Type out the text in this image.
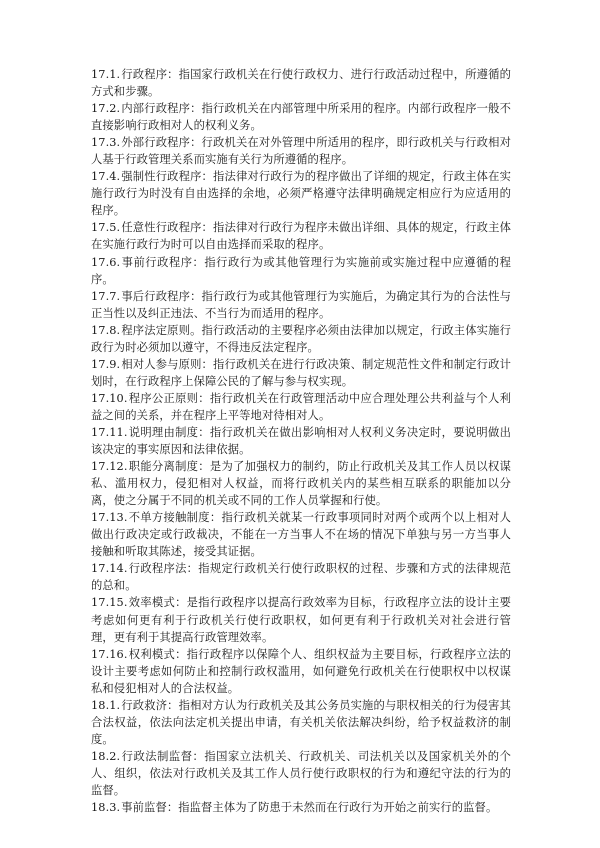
17.1.行政程序：指国家行政机关在行使行政权力、进行行政活动过程中，所遵循的方式和步骤。

17.2.内部行政程序：指行政机关在内部管理中所采用的程序。内部行政程序一般不直接影响行政相对人的权利义务。

17.3.外部行政程序：行政机关在对外管理中所适用的程序，即行政机关与行政相对人基于行政管理关系而实施有关行为所遵循的程序。

17.4.强制性行政程序：指法律对行政行为的程序做出了详细的规定，行政主体在实施行政行为时没有自由选择的余地，必须严格遵守法律明确规定相应行为应适用的程序。

17.5.任意性行政程序：指法律对行政行为程序未做出详细、具体的规定，行政主体在实施行政行为时可以自由选择而采取的程序。

17.6.事前行政程序：指行政行为或其他管理行为实施前或实施过程中应遵循的程序。

17.7.事后行政程序：指行政行为或其他管理行为实施后，为确定其行为的合法性与正当性以及纠正违法、不当行为而适用的程序。

17.8.程序法定原则。指行政活动的主要程序必须由法律加以规定，行政主体实施行政行为时必须加以遵守，不得违反法定程序。

17.9.相对人参与原则：指行政机关在进行行政决策、制定规范性文件和制定行政计划时，在行政程序上保障公民的了解与参与权实现。

17.10.程序公正原则：指行政机关在行政管理活动中应合理处理公共利益与个人利益之间的关系，并在程序上平等地对待相对人。

17.11.说明理由制度：指行政机关在做出影响相对人权利义务决定时，要说明做出该决定的事实原因和法律依据。

17.12.职能分离制度：是为了加强权力的制约，防止行政机关及其工作人员以权谋私、滥用权力，侵犯相对人权益，而将行政机关内的某些相互联系的职能加以分离，使之分属于不同的机关或不同的工作人员掌握和行使。

17.13.不单方接触制度：指行政机关就某一行政事项同时对两个或两个以上相对人做出行政决定或行政裁决，不能在一方当事人不在场的情况下单独与另一方当事人接触和听取其陈述，接受其证据。

17.14.行政程序法：指规定行政机关行使行政职权的过程、步骤和方式的法律规范的总和。

17.15.效率模式：是指行政程序以提高行政效率为目标，行政程序立法的设计主要考虑如何更有利于行政机关行使行政职权，如何更有利于行政机关对社会进行管理，更有利于其提高行政管理效率。

17.16.权利模式：指行政程序以保障个人、组织权益为主要目标，行政程序立法的设计主要考虑如何防止和控制行政权滥用，如何避免行政机关在行使职权中以权谋私和侵犯相对人的合法权益。

18.1.行政救济：指相对方认为行政机关及其公务员实施的与职权相关的行为侵害其合法权益，依法向法定机关提出申请，有关机关依法解决纠纷，给予权益救济的制度。

18.2.行政法制监督：指国家立法机关、行政机关、司法机关以及国家机关外的个人、组织，依法对行政机关及其工作人员行使行政职权的行为和遵纪守法的行为的监督。

18.3.事前监督：指监督主体为了防患于未然而在行政行为开始之前实行的监督。
